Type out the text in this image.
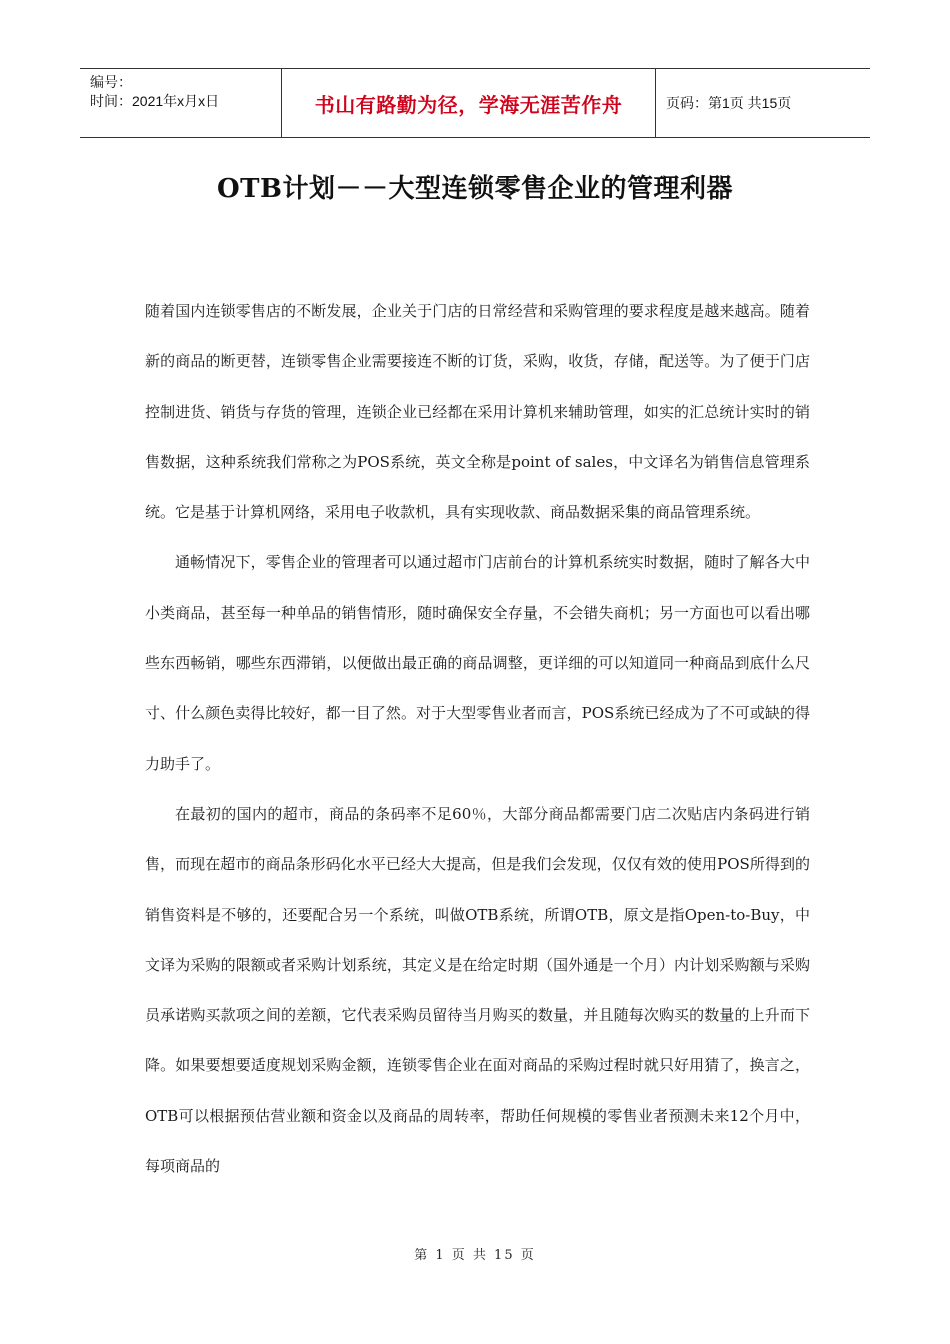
编号：
时间：2021年x月x日	书山有路勤为径，学海无涯苦作舟	页码：第1页 共15页
OTB计划－－大型连锁零售企业的管理利器

随着国内连锁零售店的不断发展，企业关于门店的日常经营和采购管理的要求程度是越来越高。随着新的商品的断更替，连锁零售企业需要接连不断的订货，采购，收货，存储，配送等。为了便于门店控制进货、销货与存货的管理，连锁企业已经都在采用计算机来辅助管理，如实的汇总统计实时的销售数据，这种系统我们常称之为POS系统，英文全称是point of sales，中文译名为销售信息管理系统。它是基于计算机网络，采用电子收款机，具有实现收款、商品数据采集的商品管理系统。

通畅情况下，零售企业的管理者可以通过超市门店前台的计算机系统实时数据，随时了解各大中小类商品，甚至每一种单品的销售情形，随时确保安全存量，不会错失商机；另一方面也可以看出哪些东西畅销，哪些东西滞销，以便做出最正确的商品调整，更详细的可以知道同一种商品到底什么尺寸、什么颜色卖得比较好，都一目了然。对于大型零售业者而言，POS系统已经成为了不可或缺的得力助手了。

在最初的国内的超市，商品的条码率不足60％，大部分商品都需要门店二次贴店内条码进行销售，而现在超市的商品条形码化水平已经大大提高，但是我们会发现，仅仅有效的使用POS所得到的销售资料是不够的，还要配合另一个系统，叫做OTB系统，所谓OTB，原文是指Open-to-Buy，中文译为采购的限额或者采购计划系统，其定义是在给定时期（国外通是一个月）内计划采购额与采购员承诺购买款项之间的差额，它代表采购员留待当月购买的数量，并且随每次购买的数量的上升而下降。如果要想要适度规划采购金额，连锁零售企业在面对商品的采购过程时就只好用猜了，换言之，OTB可以根据预估营业额和资金以及商品的周转率，帮助任何规模的零售业者预测未来12个月中，每项商品的

第 1 页 共 15 页
